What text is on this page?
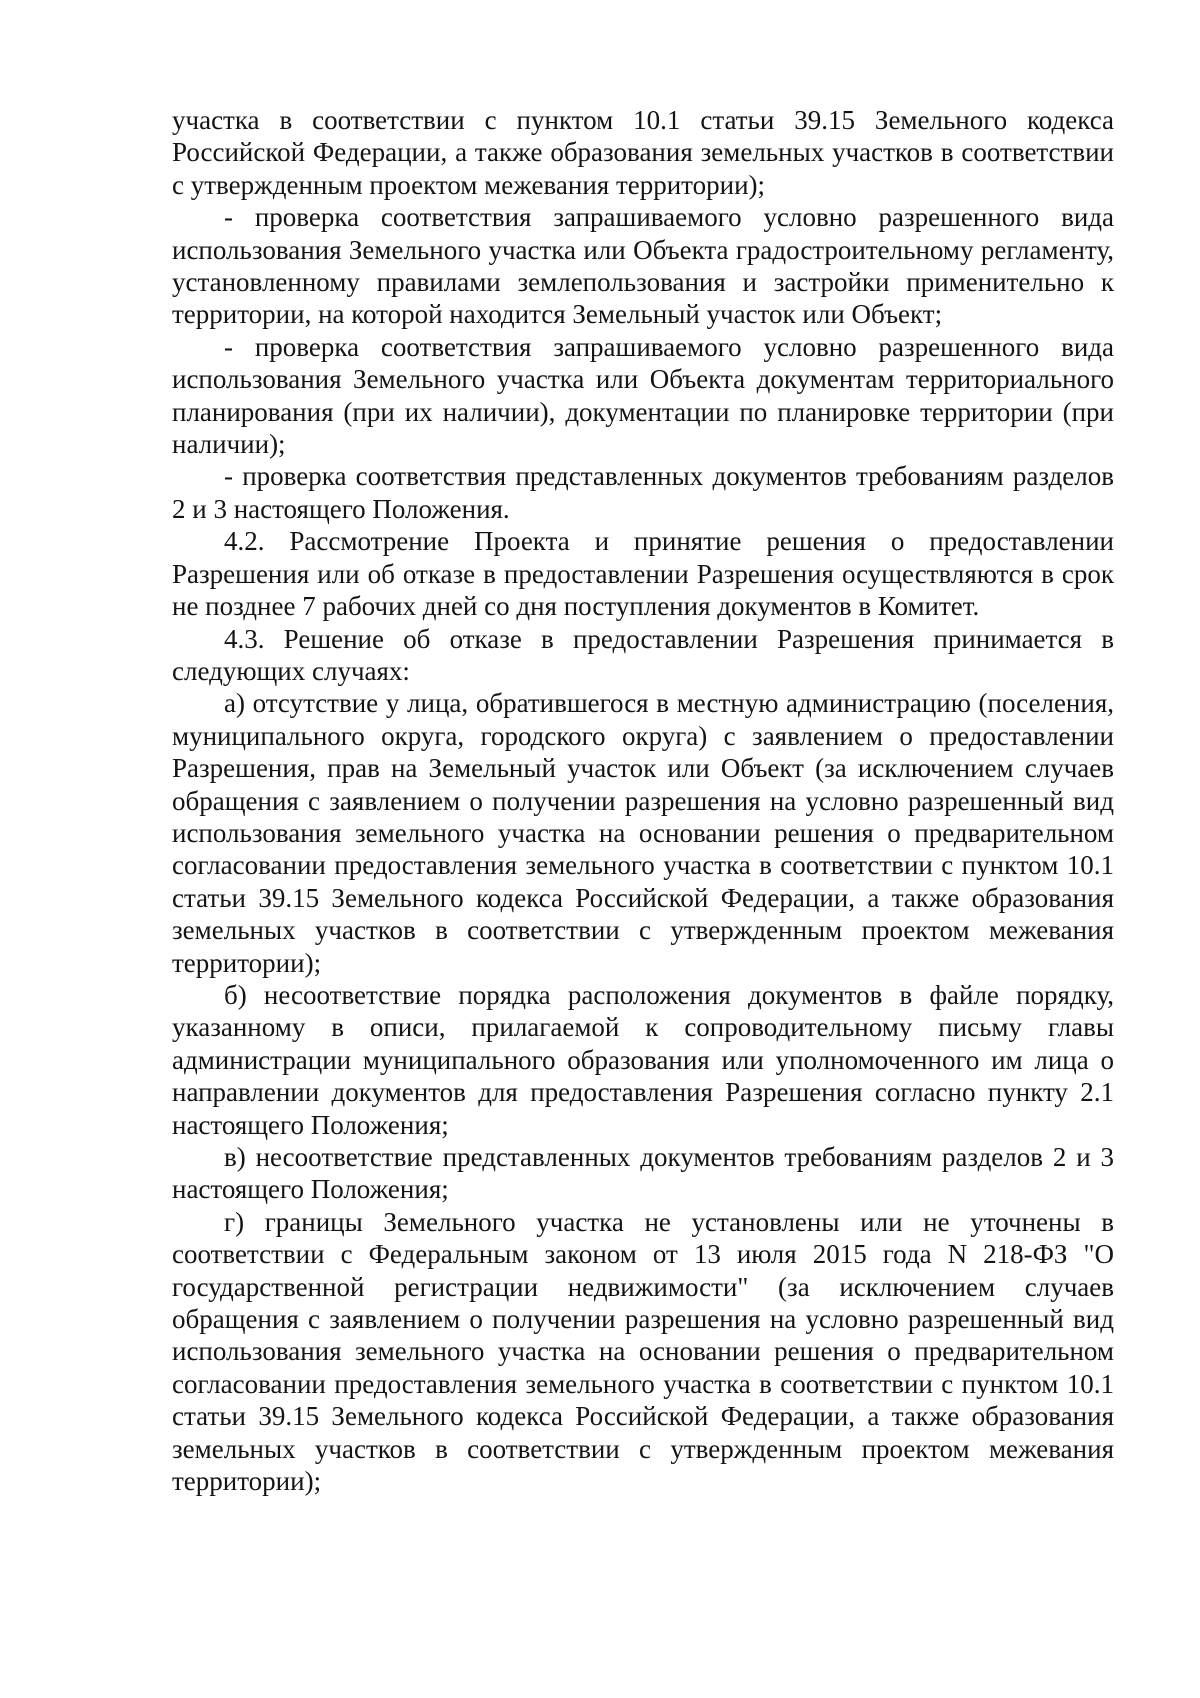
участка в соответствии с пунктом 10.1 статьи 39.15 Земельного кодекса Российской Федерации, а также образования земельных участков в соответствии с утвержденным проектом межевания территории);

- проверка соответствия запрашиваемого условно разрешенного вида использования Земельного участка или Объекта градостроительному регламенту, установленному правилами землепользования и застройки применительно к территории, на которой находится Земельный участок или Объект;

- проверка соответствия запрашиваемого условно разрешенного вида использования Земельного участка или Объекта документам территориального планирования (при их наличии), документации по планировке территории (при наличии);

- проверка соответствия представленных документов требованиям разделов 2 и 3 настоящего Положения.

4.2. Рассмотрение Проекта и принятие решения о предоставлении Разрешения или об отказе в предоставлении Разрешения осуществляются в срок не позднее 7 рабочих дней со дня поступления документов в Комитет.

4.3. Решение об отказе в предоставлении Разрешения принимается в следующих случаях:

а) отсутствие у лица, обратившегося в местную администрацию (поселения, муниципального округа, городского округа) с заявлением о предоставлении Разрешения, прав на Земельный участок или Объект (за исключением случаев обращения с заявлением о получении разрешения на условно разрешенный вид использования земельного участка на основании решения о предварительном согласовании предоставления земельного участка в соответствии с пунктом 10.1 статьи 39.15 Земельного кодекса Российской Федерации, а также образования земельных участков в соответствии с утвержденным проектом межевания территории);

б) несоответствие порядка расположения документов в файле порядку, указанному в описи, прилагаемой к сопроводительному письму главы администрации муниципального образования или уполномоченного им лица о направлении документов для предоставления Разрешения согласно пункту 2.1 настоящего Положения;

в) несоответствие представленных документов требованиям разделов 2 и 3 настоящего Положения;

г) границы Земельного участка не установлены или не уточнены в соответствии с Федеральным законом от 13 июля 2015 года N 218-ФЗ "О государственной регистрации недвижимости" (за исключением случаев обращения с заявлением о получении разрешения на условно разрешенный вид использования земельного участка на основании решения о предварительном согласовании предоставления земельного участка в соответствии с пунктом 10.1 статьи 39.15 Земельного кодекса Российской Федерации, а также образования земельных участков в соответствии с утвержденным проектом межевания территории);
